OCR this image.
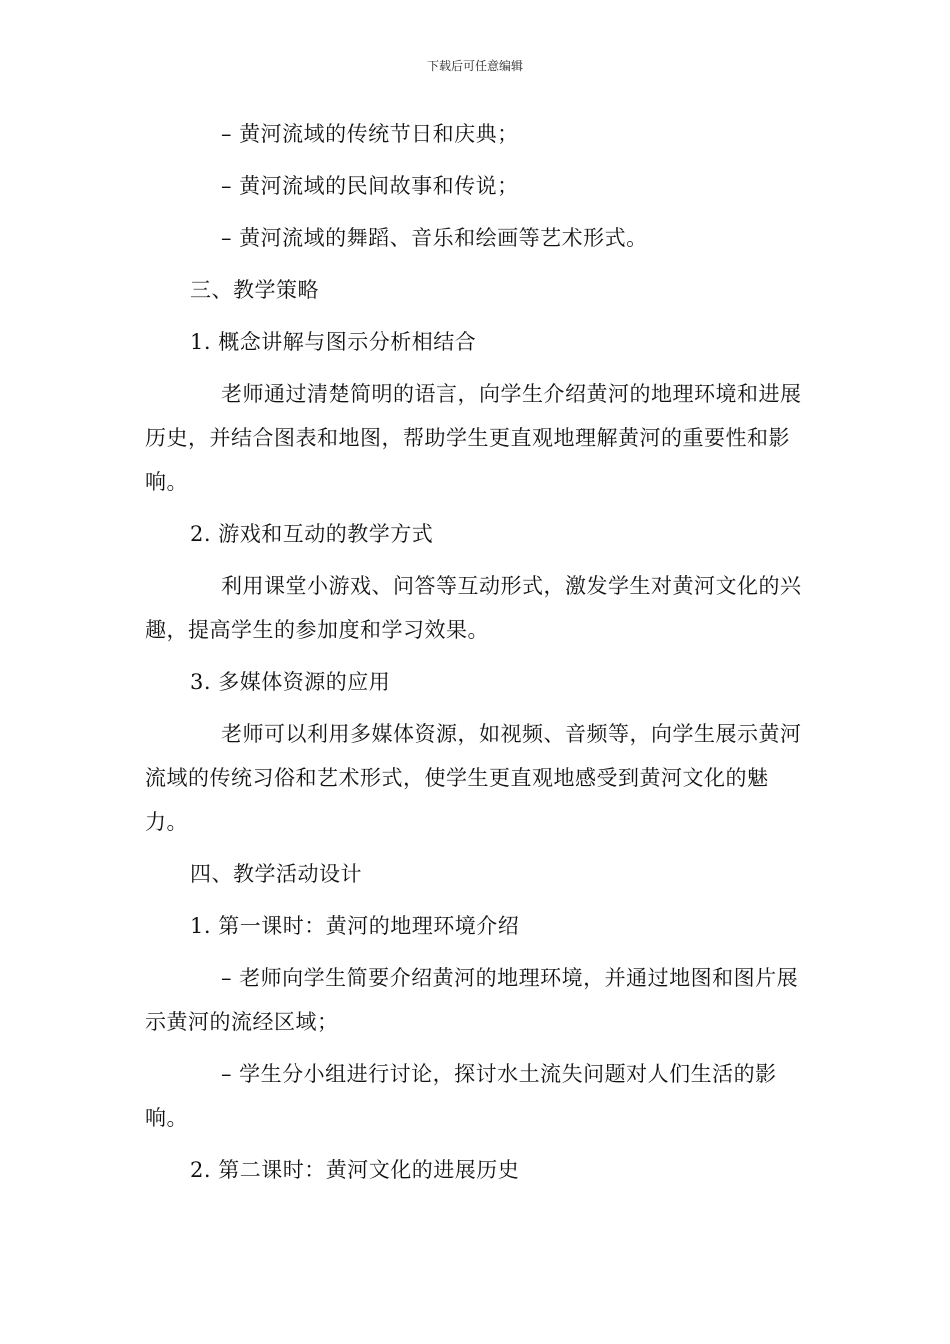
下载后可任意编辑

– 黄河流域的传统节日和庆典；

– 黄河流域的民间故事和传说；

– 黄河流域的舞蹈、音乐和绘画等艺术形式。

三、教学策略

1. 概念讲解与图示分析相结合

老师通过清楚简明的语言，向学生介绍黄河的地理环境和进展历史，并结合图表和地图，帮助学生更直观地理解黄河的重要性和影响。

2. 游戏和互动的教学方式

利用课堂小游戏、问答等互动形式，激发学生对黄河文化的兴趣，提高学生的参加度和学习效果。

3. 多媒体资源的应用

老师可以利用多媒体资源，如视频、音频等，向学生展示黄河流域的传统习俗和艺术形式，使学生更直观地感受到黄河文化的魅力。

四、教学活动设计

1. 第一课时：黄河的地理环境介绍

– 老师向学生简要介绍黄河的地理环境，并通过地图和图片展示黄河的流经区域；

– 学生分小组进行讨论，探讨水土流失问题对人们生活的影响。

2. 第二课时：黄河文化的进展历史
